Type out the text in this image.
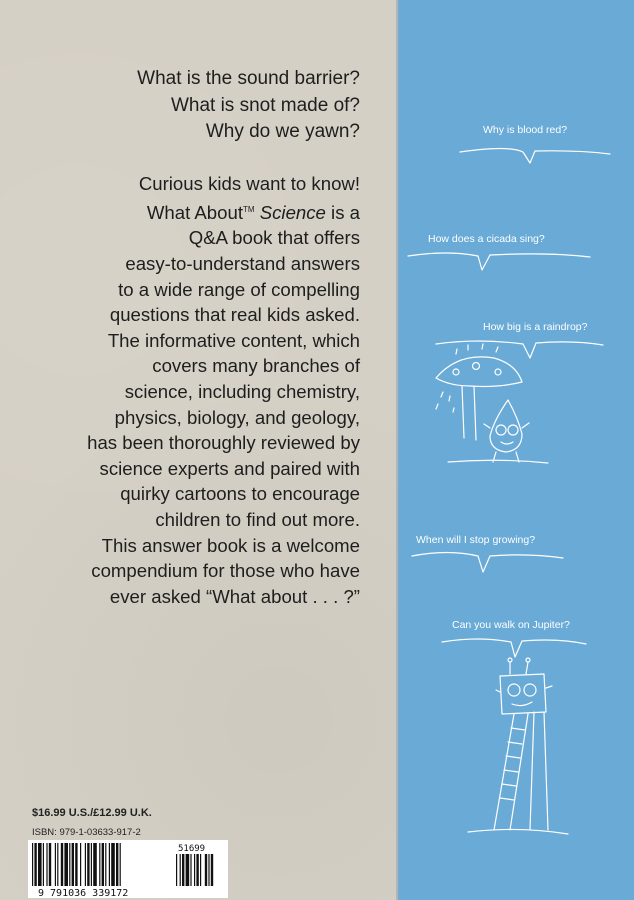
What is the sound barrier?
What is snot made of?
Why do we yawn?

Curious kids want to know!
What About™ Science is a
Q&A book that offers
easy-to-understand answers
to a wide range of compelling
questions that real kids asked.
The informative content, which
covers many branches of
science, including chemistry,
physics, biology, and geology,
has been thoroughly reviewed by
science experts and paired with
quirky cartoons to encourage
children to find out more.
This answer book is a welcome
compendium for those who have
ever asked “What about . . . ?”

$16.99 U.S./£12.99 U.K.
ISBN: 979-1-03633-917-2
9 791036 339172
51699
Why is blood red?
How does a cicada sing?
How big is a raindrop?
When will I stop growing?
Can you walk on Jupiter?
